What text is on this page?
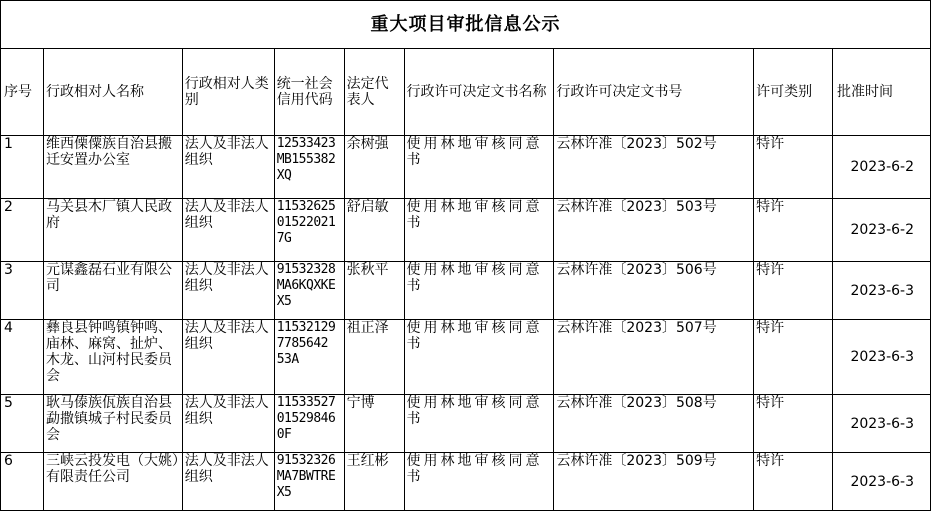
重大项目审批信息公示								
序号	行政相对人名称	行政相对人类别	统一社会信用代码	法定代表人	行政许可决定文书名称	行政许可决定文书号	许可类别	批准时间
1	维西傈僳族自治县搬迁安置办公室	法人及非法人组织	12533423MB155382XQ	余树强	使用林地审核同意书	云林许准〔2023〕502号	特许	2023-6-2
2	马关县木厂镇人民政府	法人及非法人组织	11532625015220217G	舒启敏	使用林地审核同意书	云林许准〔2023〕503号	特许	2023-6-2
3	元谋鑫磊石业有限公司	法人及非法人组织	91532328MA6KQXKEX5	张秋平	使用林地审核同意书	云林许准〔2023〕506号	特许	2023-6-3
4	彝良县钟鸣镇钟鸣、庙林、麻窝、扯炉、木龙、山河村民委员会	法人及非法人组织	115321297785642 53A	祖正泽	使用林地审核同意书	云林许准〔2023〕507号	特许	2023-6-3
5	耿马傣族佤族自治县勐撒镇城子村民委员会	法人及非法人组织	11533527015298460F	宁博	使用林地审核同意书	云林许准〔2023〕508号	特许	2023-6-3
6	三峡云投发电（大姚）有限责任公司	法人及非法人组织	91532326MA7BWTREX5	王红彬	使用林地审核同意书	云林许准〔2023〕509号	特许	2023-6-3
